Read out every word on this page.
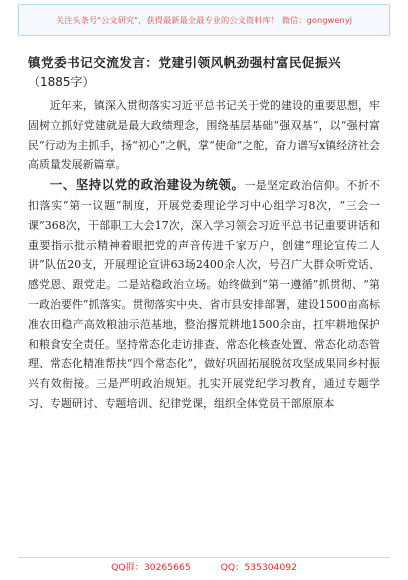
关注头条号"公文研究"，获得最新最全最专业的公文资料库！ 微信：gongwenyj
镇党委书记交流发言：党建引领风帆劲强村富民促振兴
（1885字）

近年来，镇深入贯彻落实习近平总书记关于党的建设的重要思想，牢固树立抓好党建就是最大政绩理念，围绕基层基础“强双基”，以“强村富民”行动为主抓手，扬“初心”之帆，掌“使命”之舵，奋力谱写x镇经济社会高质量发展新篇章。

一、坚持以党的政治建设为统领。一是坚定政治信仰。不折不扣落实“第一议题”制度，开展党委理论学习中心组学习8次，“三会一课”368次，干部职工大会17次，深入学习领会习近平总书记重要讲话和重要指示批示精神着眼把党的声音传进千家万户，创建“理论宣传二人讲”队伍20支，开展理论宣讲63场2400余人次，号召广大群众听党话、感党恩、跟党走。二是站稳政治立场。始终做到“第一遵循”抓贯彻、“第一政治要件”抓落实。贯彻落实中央、省市县安排部署，建设1500亩高标准农田稳产高效粮油示范基地，整治撂荒耕地1500余亩，扛牢耕地保护和粮食安全责任。坚持常态化走访排查、常态化核查处置、常态化动态管理、常态化精准帮扶“四个常态化”，做好巩固拓展脱贫攻坚成果同乡村振兴有效衔接。三是严明政治规矩。扎实开展党纪学习教育，通过专题学习、专题研讨、专题培训、纪律党课，组织全体党员干部原原本

QQ群：30265665	QQ：535304092
